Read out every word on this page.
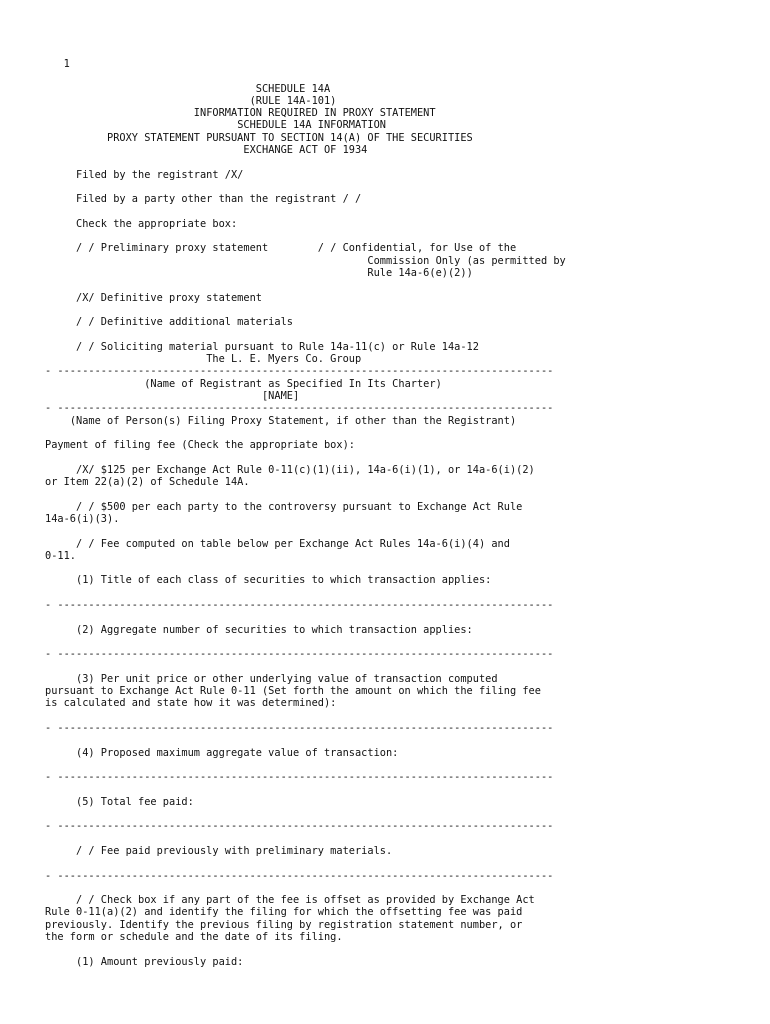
1
SCHEDULE 14A
(RULE 14A-101)
INFORMATION REQUIRED IN PROXY STATEMENT
SCHEDULE 14A INFORMATION
PROXY STATEMENT PURSUANT TO SECTION 14(A) OF THE SECURITIES
EXCHANGE ACT OF 1934
Filed by the registrant /X/
Filed by a party other than the registrant / /
Check the appropriate box:
/ / Preliminary proxy statement	/ / Confidential, for Use of the
Commission Only (as permitted by
Rule 14a-6(e)(2))
/X/ Definitive proxy statement
/ / Definitive additional materials
/ / Soliciting material pursuant to Rule 14a-11(c) or Rule 14a-12
The L. E. Myers Co. Group
- --------------------------------------------------------------------------------
(Name of Registrant as Specified In Its Charter)
[NAME]
- --------------------------------------------------------------------------------
(Name of Person(s) Filing Proxy Statement, if other than the Registrant)
Payment of filing fee (Check the appropriate box):
/X/ $125 per Exchange Act Rule 0-11(c)(1)(ii), 14a-6(i)(1), or 14a-6(i)(2)
or Item 22(a)(2) of Schedule 14A.
/ / $500 per each party to the controversy pursuant to Exchange Act Rule
14a-6(i)(3).
/ / Fee computed on table below per Exchange Act Rules 14a-6(i)(4) and
0-11.
(1) Title of each class of securities to which transaction applies:
- --------------------------------------------------------------------------------
(2) Aggregate number of securities to which transaction applies:
- --------------------------------------------------------------------------------
(3) Per unit price or other underlying value of transaction computed
pursuant to Exchange Act Rule 0-11 (Set forth the amount on which the filing fee
is calculated and state how it was determined):
- --------------------------------------------------------------------------------
(4) Proposed maximum aggregate value of transaction:
- --------------------------------------------------------------------------------
(5) Total fee paid:
- --------------------------------------------------------------------------------
/ / Fee paid previously with preliminary materials.
- --------------------------------------------------------------------------------
/ / Check box if any part of the fee is offset as provided by Exchange Act
Rule 0-11(a)(2) and identify the filing for which the offsetting fee was paid
previously. Identify the previous filing by registration statement number, or
the form or schedule and the date of its filing.
(1) Amount previously paid:
